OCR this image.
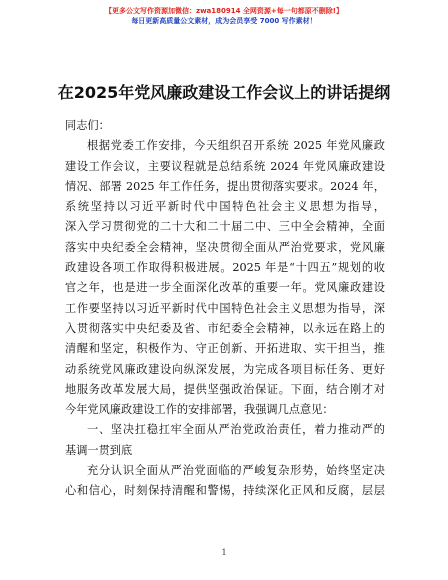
【更多公文写作资源加微信：zwa180914 全网资源+每一句都原不删除!】
每日更新高质量公文素材，成为会员享受 7000 写作素材！
在2025年党风廉政建设工作会议上的讲话提纲
同志们：
根据党委工作安排，今天组织召开系统 2025 年党风廉政
建设工作会议，主要议程就是总结系统 2024 年党风廉政建设
情况、部署 2025 年工作任务，提出贯彻落实要求。2024 年，
系统坚持以习近平新时代中国特色社会主义思想为指导，
深入学习贯彻党的二十大和二十届二中、三中全会精神，全面
落实中央纪委全会精神，坚决贯彻全面从严治党要求，党风廉
政建设各项工作取得积极进展。2025 年是“十四五”规划的收
官之年，也是进一步全面深化改革的重要一年。党风廉政建设
工作要坚持以习近平新时代中国特色社会主义思想为指导，深
入贯彻落实中央纪委及省、市纪委全会精神，以永远在路上的
清醒和坚定，积极作为、守正创新、开拓进取、实干担当，推
动系统党风廉政建设向纵深发展，为完成各项目标任务、更好
地服务改革发展大局，提供坚强政治保证。下面，结合刚才对
今年党风廉政建设工作的安排部署，我强调几点意见：
一、坚决扛稳扛牢全面从严治党政治责任，着力推动严的
基调一贯到底
充分认识全面从严治党面临的严峻复杂形势，始终坚定决
心和信心，时刻保持清醒和警惕，持续深化正风和反腐，层层
1
